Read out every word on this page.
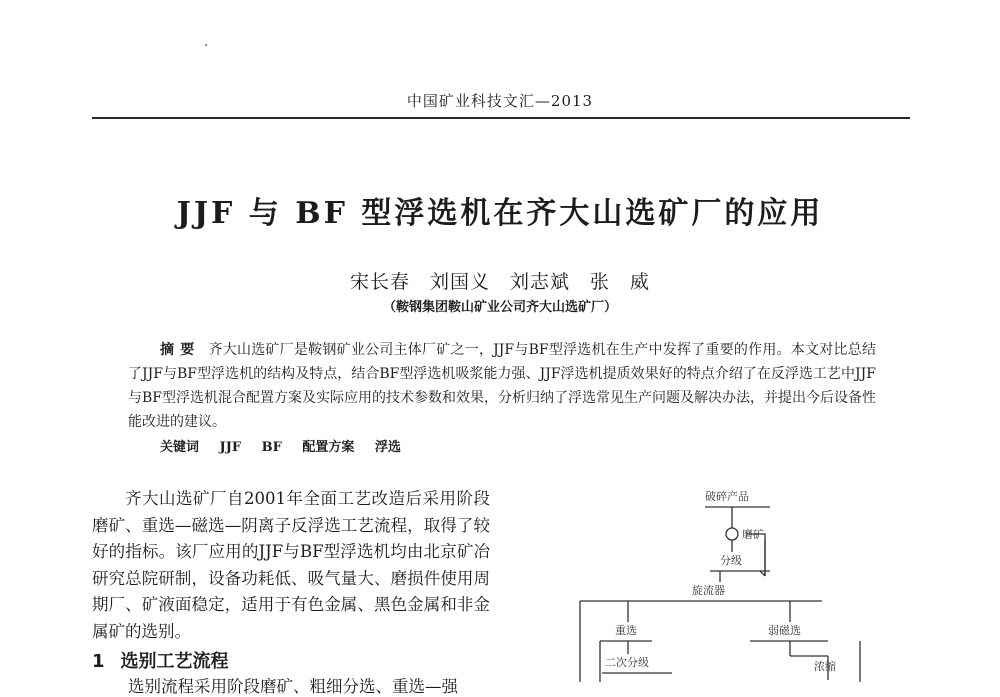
中国矿业科技文汇—2013
JJF 与 BF 型浮选机在齐大山选矿厂的应用
宋长春　刘国义　刘志斌　张　威
（鞍钢集团鞍山矿业公司齐大山选矿厂）
摘要 齐大山选矿厂是鞍钢矿业公司主体厂矿之一，JJF与BF型浮选机在生产中发挥了重要的作用。本文对比总结了JJF与BF型浮选机的结构及特点，结合BF型浮选机吸浆能力强、JJF浮选机提质效果好的特点介绍了在反浮选工艺中JJF与BF型浮选机混合配置方案及实际应用的技术参数和效果，分析归纳了浮选常见生产问题及解决办法，并提出今后设备性能改进的建议。
关键词 JJF BF 配置方案 浮选
齐大山选矿厂自2001年全面工艺改造后采用阶段磨矿、重选—磁选—阴离子反浮选工艺流程，取得了较好的指标。该厂应用的JJF与BF型浮选机均由北京矿冶研究总院研制，设备功耗低、吸气量大、磨损件使用周期厂、矿液面稳定，适用于有色金属、黑色金属和非金属矿的选别。
1 选别工艺流程
选别流程采用阶段磨矿、粗细分选、重选—强
破碎产品
磨矿
分级
旋流器
重选	弱磁选
二次分级	浓缩
